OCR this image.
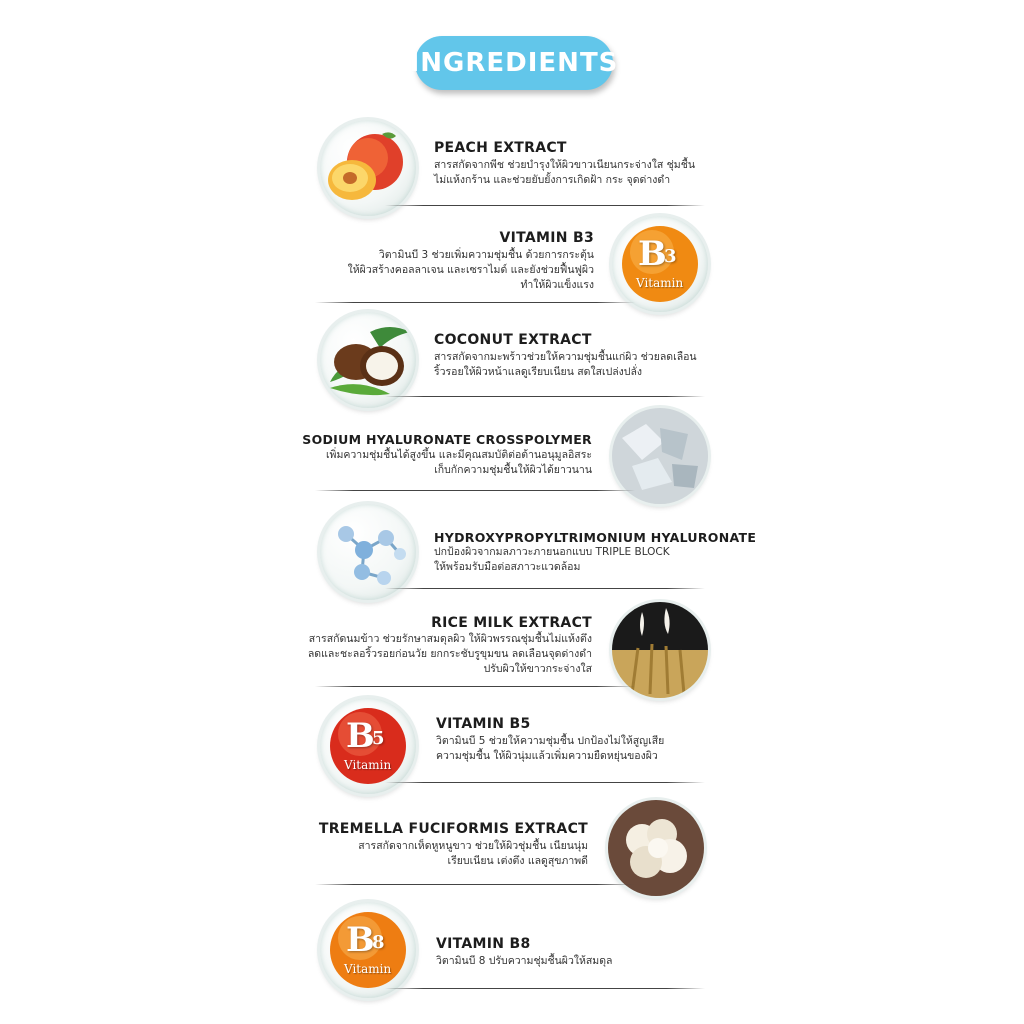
INGREDIENTS
PEACH EXTRACT
สารสกัดจากพีช ช่วยบำรุงให้ผิวขาวเนียนกระจ่างใส ชุ่มชื้น
ไม่แห้งกร้าน และช่วยยับยั้งการเกิดฝ้า กระ จุดด่างดำ
B
3
Vitamin
VITAMIN B3
วิตามินบี 3 ช่วยเพิ่มความชุ่มชื้น ด้วยการกระตุ้น
ให้ผิวสร้างคอลลาเจน และเซราไมด์ และยังช่วยฟื้นฟูผิว
ทำให้ผิวแข็งแรง
COCONUT EXTRACT
สารสกัดจากมะพร้าวช่วยให้ความชุ่มชื้นแก่ผิว ช่วยลดเลือน
ริ้วรอยให้ผิวหน้าแลดูเรียบเนียน สดใสเปล่งปลั่ง
SODIUM HYALURONATE CROSSPOLYMER
เพิ่มความชุ่มชื้นได้สูงขึ้น และมีคุณสมบัติต่อต้านอนุมูลอิสระ
เก็บกักความชุ่มชื้นให้ผิวได้ยาวนาน
HYDROXYPROPYLTRIMONIUM HYALURONATE
ปกป้องผิวจากมลภาวะภายนอกแบบ TRIPLE BLOCK
ให้พร้อมรับมือต่อสภาวะแวดล้อม
RICE MILK EXTRACT
สารสกัดนมข้าว ช่วยรักษาสมดุลผิว ให้ผิวพรรณชุ่มชื้นไม่แห้งตึง
ลดและชะลอริ้วรอยก่อนวัย ยกกระชับรูขุมขน ลดเลือนจุดด่างดำ
ปรับผิวให้ขาวกระจ่างใส
B
5
Vitamin
VITAMIN B5
วิตามินบี 5 ช่วยให้ความชุ่มชื้น ปกป้องไม่ให้สูญเสีย
ความชุ่มชื้น ให้ผิวนุ่มแล้วเพิ่มความยืดหยุ่นของผิว
TREMELLA FUCIFORMIS EXTRACT
สารสกัดจากเห็ดหูหนูขาว ช่วยให้ผิวชุ่มชื้น เนียนนุ่ม
เรียบเนียน เต่งตึง แลดูสุขภาพดี
B
8
Vitamin
VITAMIN B8
วิตามินบี 8 ปรับความชุ่มชื้นผิวให้สมดุล
